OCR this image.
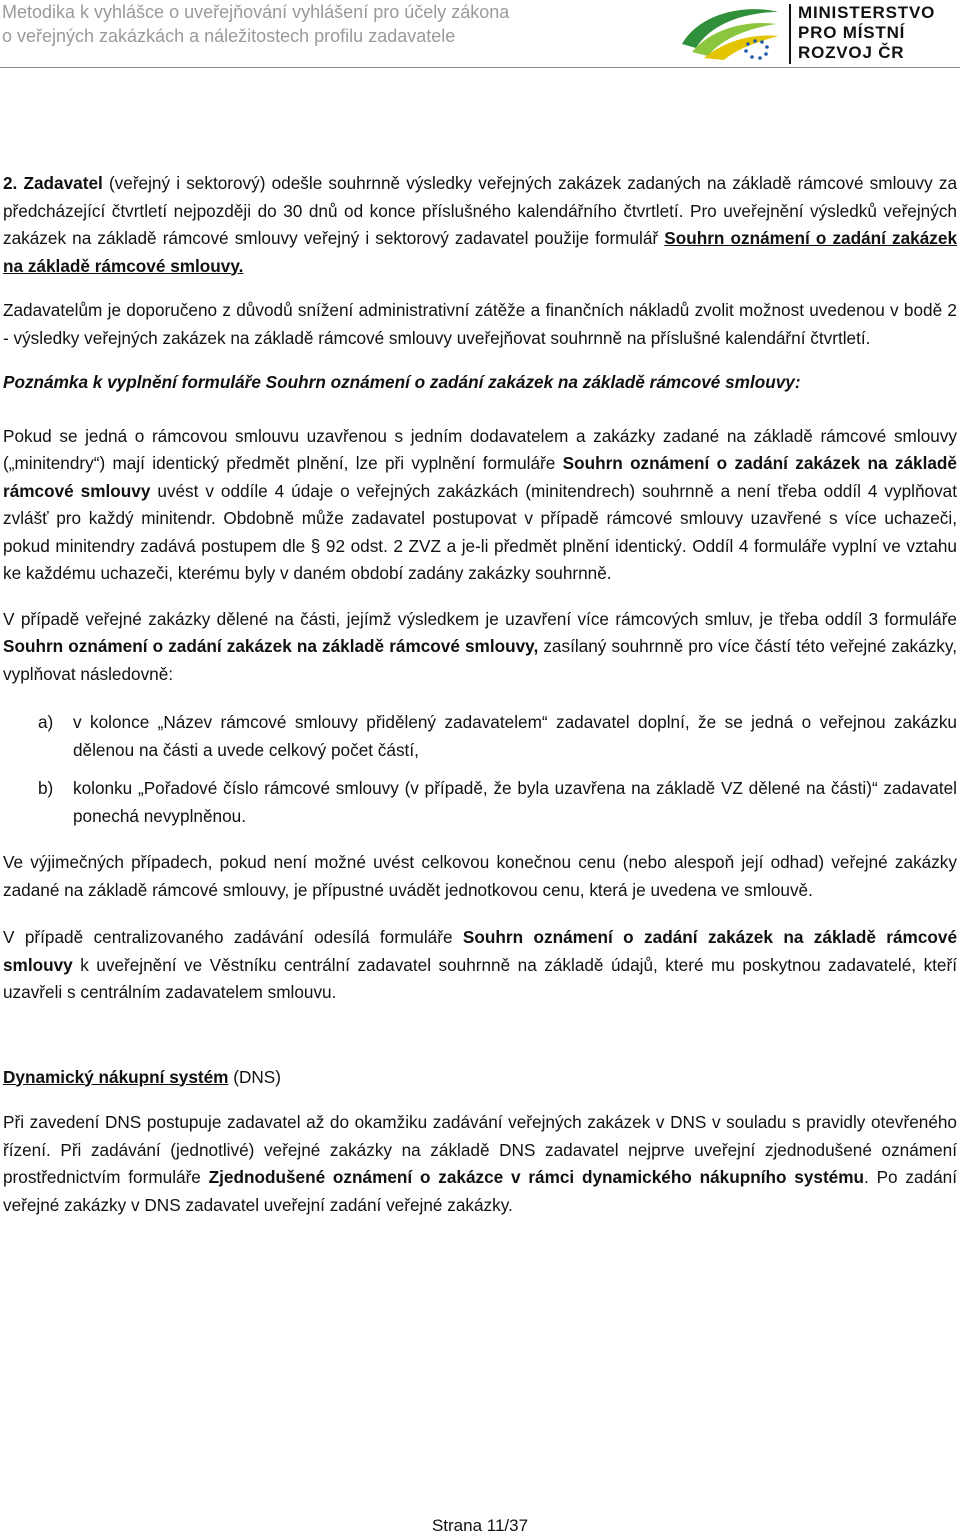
Metodika k vyhlášce o uveřejňování vyhlášení pro účely zákona
o veřejných zakázkách a náležitostech profilu zadavatele
MINISTERSTVO
PRO MÍSTNÍ
ROZVOJ ČR

2. Zadavatel (veřejný i sektorový) odešle souhrnně výsledky veřejných zakázek zadaných na základě rámcové smlouvy za předcházející čtvrtletí nejpozději do 30 dnů od konce příslušného kalendářního čtvrtletí. Pro uveřejnění výsledků veřejných zakázek na základě rámcové smlouvy veřejný i sektorový zadavatel použije formulář Souhrn oznámení o zadání zakázek na základě rámcové smlouvy.

Zadavatelům je doporučeno z důvodů snížení administrativní zátěže a finančních nákladů zvolit možnost uvedenou v bodě 2 - výsledky veřejných zakázek na základě rámcové smlouvy uveřejňovat souhrnně na příslušné kalendářní čtvrtletí.

Poznámka k vyplnění formuláře Souhrn oznámení o zadání zakázek na základě rámcové smlouvy:

Pokud se jedná o rámcovou smlouvu uzavřenou s jedním dodavatelem a zakázky zadané na základě rámcové smlouvy („minitendry“) mají identický předmět plnění, lze při vyplnění formuláře Souhrn oznámení o zadání zakázek na základě rámcové smlouvy uvést v oddíle 4 údaje o veřejných zakázkách (minitendrech) souhrnně a není třeba oddíl 4 vyplňovat zvlášť pro každý minitendr. Obdobně může zadavatel postupovat v případě rámcové smlouvy uzavřené s více uchazeči, pokud minitendry zadává postupem dle § 92 odst. 2 ZVZ a je-li předmět plnění identický. Oddíl 4 formuláře vyplní ve vztahu ke každému uchazeči, kterému byly v daném období zadány zakázky souhrnně.

V případě veřejné zakázky dělené na části, jejímž výsledkem je uzavření více rámcových smluv, je třeba oddíl 3 formuláře Souhrn oznámení o zadání zakázek na základě rámcové smlouvy, zasílaný souhrnně pro více částí této veřejné zakázky, vyplňovat následovně:

a) v kolonce „Název rámcové smlouvy přidělený zadavatelem“ zadavatel doplní, že se jedná o veřejnou zakázku dělenou na části a uvede celkový počet částí,
b) kolonku „Pořadové číslo rámcové smlouvy (v případě, že byla uzavřena na základě VZ dělené na části)“ zadavatel ponechá nevyplněnou.

Ve výjimečných případech, pokud není možné uvést celkovou konečnou cenu (nebo alespoň její odhad) veřejné zakázky zadané na základě rámcové smlouvy, je přípustné uvádět jednotkovou cenu, která je uvedena ve smlouvě.

V případě centralizovaného zadávání odesílá formuláře Souhrn oznámení o zadání zakázek na základě rámcové smlouvy k uveřejnění ve Věstníku centrální zadavatel souhrnně na základě údajů, které mu poskytnou zadavatelé, kteří uzavřeli s centrálním zadavatelem smlouvu.

Dynamický nákupní systém (DNS)

Při zavedení DNS postupuje zadavatel až do okamžiku zadávání veřejných zakázek v DNS v souladu s pravidly otevřeného řízení. Při zadávání (jednotlivé) veřejné zakázky na základě DNS zadavatel nejprve uveřejní zjednodušené oznámení prostřednictvím formuláře Zjednodušené oznámení o zakázce v rámci dynamického nákupního systému. Po zadání veřejné zakázky v DNS zadavatel uveřejní zadání veřejné zakázky.

Strana 11/37
